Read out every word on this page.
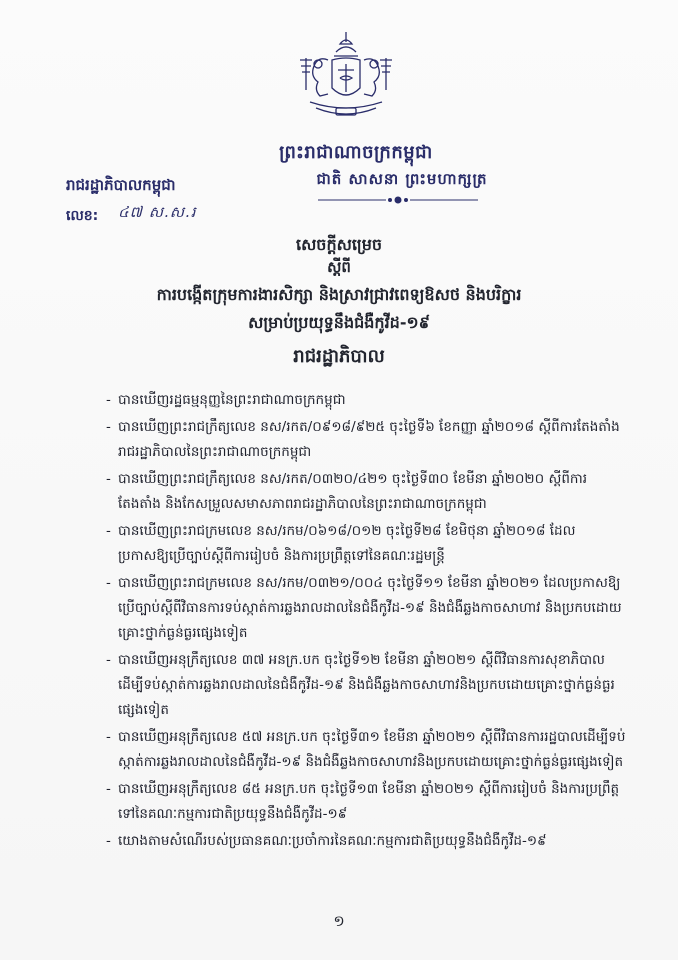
ព្រះរាជាណាចក្រកម្ពុជា
រាជរដ្ឋាភិបាលកម្ពុជា	ជាតិ សាសនា ព្រះមហាក្សត្រ
លេខ: ៤៧ ស.ស.រ
សេចក្តីសម្រេច
ស្តីពី
ការបង្កើតក្រុមការងារសិក្សា និងស្រាវជ្រាវពេទ្យឱសថ និងបរិក្ខារ
សម្រាប់ប្រយុទ្ធនឹងជំងឺកូវីដ-១៩
រាជរដ្ឋាភិបាល
- បានឃើញរដ្ឋធម្មនុញ្ញនៃព្រះរាជាណាចក្រកម្ពុជា
- បានឃើញព្រះរាជក្រឹត្យលេខ នស/រកត/០៩១៨/៩២៥ ចុះថ្ងៃទី៦ ខែកញ្ញា ឆ្នាំ២០១៨ ស្តីពីការតែងតាំងរាជរដ្ឋាភិបាលនៃព្រះរាជាណាចក្រកម្ពុជា
- បានឃើញព្រះរាជក្រឹត្យលេខ នស/រកត/០៣២០/៤២១ ចុះថ្ងៃទី៣០ ខែមីនា ឆ្នាំ២០២០ ស្តីពីការតែងតាំង និងកែសម្រួលសមាសភាពរាជរដ្ឋាភិបាលនៃព្រះរាជាណាចក្រកម្ពុជា
- បានឃើញព្រះរាជក្រមលេខ នស/រកម/០៦១៨/០១២ ចុះថ្ងៃទី២៨ ខែមិថុនា ឆ្នាំ២០១៨ ដែលប្រកាសឱ្យប្រើច្បាប់ស្តីពីការរៀបចំ និងការប្រព្រឹត្តទៅនៃគណៈរដ្ឋមន្ត្រី
- បានឃើញព្រះរាជក្រមលេខ នស/រកម/០៣២១/០០៤ ចុះថ្ងៃទី១១ ខែមីនា ឆ្នាំ២០២១ ដែលប្រកាសឱ្យប្រើច្បាប់ស្តីពីវិធានការទប់ស្កាត់ការឆ្លងរាលដាលនៃជំងឺកូវីដ-១៩ និងជំងឺឆ្លងកាចសាហាវ និងប្រកបដោយគ្រោះថ្នាក់ធ្ងន់ធ្ងរផ្សេងទៀត
- បានឃើញអនុក្រឹត្យលេខ ៣៧ អនក្រ.បក ចុះថ្ងៃទី១២ ខែមីនា ឆ្នាំ២០២១ ស្តីពីវិធានការសុខាភិបាលដើម្បីទប់ស្កាត់ការឆ្លងរាលដាលនៃជំងឺកូវីដ-១៩ និងជំងឺឆ្លងកាចសាហាវនិងប្រកបដោយគ្រោះថ្នាក់ធ្ងន់ធ្ងរផ្សេងទៀត
- បានឃើញអនុក្រឹត្យលេខ ៥៧ អនក្រ.បក ចុះថ្ងៃទី៣១ ខែមីនា ឆ្នាំ២០២១ ស្តីពីវិធានការរដ្ឋបាលដើម្បីទប់ស្កាត់ការឆ្លងរាលដាលនៃជំងឺកូវីដ-១៩ និងជំងឺឆ្លងកាចសាហាវនិងប្រកបដោយគ្រោះថ្នាក់ធ្ងន់ធ្ងរផ្សេងទៀត
- បានឃើញអនុក្រឹត្យលេខ ៨៥ អនក្រ.បក ចុះថ្ងៃទី១៣ ខែមីនា ឆ្នាំ២០២១ ស្តីពីការរៀបចំ និងការប្រព្រឹត្តទៅនៃគណៈកម្មការជាតិប្រយុទ្ធនឹងជំងឺកូវីដ-១៩
- យោងតាមសំណើរបស់ប្រធានគណៈប្រចាំការនៃគណៈកម្មការជាតិប្រយុទ្ធនឹងជំងឺកូវីដ-១៩
១
